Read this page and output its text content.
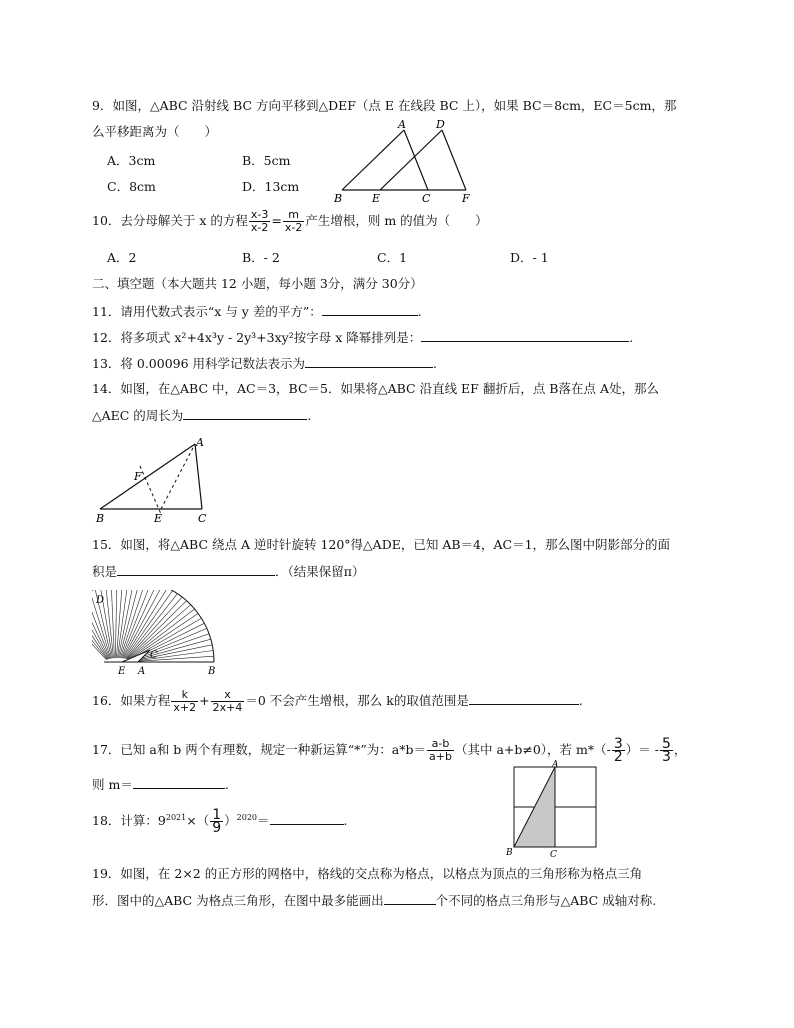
9．如图，△ABC 沿射线 BC 方向平移到△DEF（点 E 在线段 BC 上），如果 BC＝8cm，EC＝5cm，那
么平移距离为（　　）
A．3cm	B．5cm
C．8cm	D．13cm
A	D
B	E	C	F
10．去分母解关于 x 的方程 $\frac{x-3}{x-2} = \frac{m}{x-2}$ 产生增根，则 m 的值为（　　）
A．2	B．- 2	C．1	D．- 1
二、填空题（本大题共 12 小题，每小题 3分，满分 30分）
11．请用代数式表示“x 与 y 差的平方”：	.
12．将多项式 x²+4x³y - 2y³+3xy²按字母 x 降幂排列是：	.
13．将 0.00096 用科学记数法表示为	.
14．如图，在△ABC 中，AC＝3，BC＝5．如果将△ABC 沿直线 EF 翻折后，点 B落在点 A处，那么
△AEC 的周长为	.
A
F
B	E	C
15．如图，将△ABC 绕点 A 逆时针旋转 120°得△ADE，已知 AB＝4，AC＝1，那么图中阴影部分的面
积是	．（结果保留π）
D
E A
C
B
16．如果方程 $\frac{k}{x+2} + \frac{x}{2x+4} =0$ 不会产生增根，那么 k的取值范围是	.
17．已知 a和 b 两个有理数，规定一种新运算“*”为：$a*b= \frac{a-b}{a+b}$ （其中 a+b≠0），若 $m*(- \frac{3}{2}$ ）＝ - $\frac{5}{3}$ ，
则 m＝	.
18．计算：$9^{2021}\times( \frac{1}{9} )^{2020}=$	.
A
B	C
19．如图，在 2×2 的正方形的网格中，格线的交点称为格点，以格点为顶点的三角形称为格点三角
形．图中的△ABC 为格点三角形，在图中最多能画出	个不同的格点三角形与△ABC 成轴对称.
